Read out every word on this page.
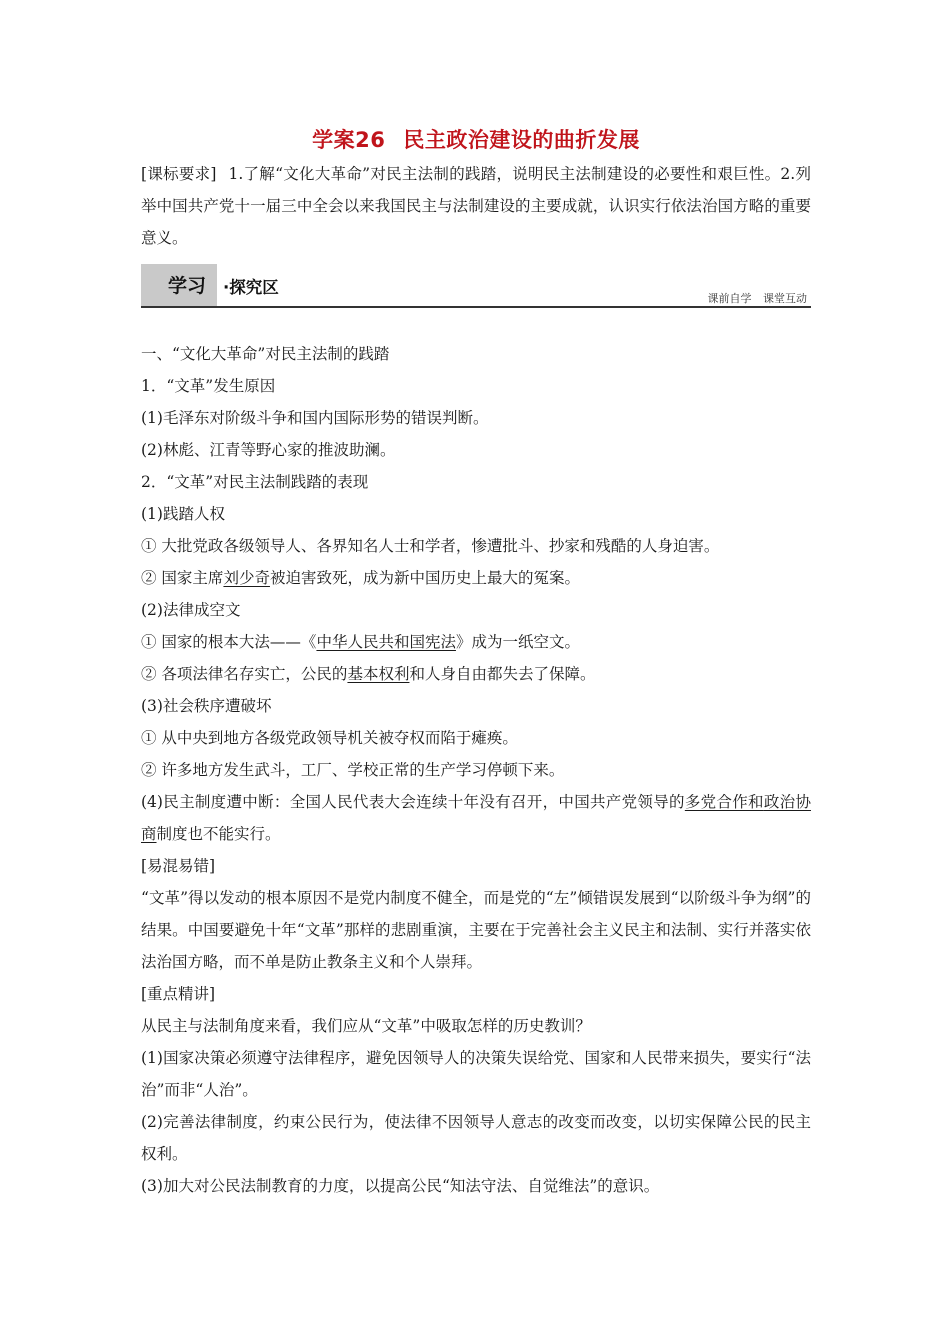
学案26 民主政治建设的曲折发展
[课标要求] 1.了解“文化大革命”对民主法制的践踏，说明民主法制建设的必要性和艰巨性。2.列举中国共产党十一届三中全会以来我国民主与法制建设的主要成就，认识实行依法治国方略的重要意义。
学习 ·探究区
课前自学 课堂互动

一、“文化大革命”对民主法制的践踏

1．“文革”发生原因

(1)毛泽东对阶级斗争和国内国际形势的错误判断。

(2)林彪、江青等野心家的推波助澜。

2．“文革”对民主法制践踏的表现

(1)践踏人权

① 大批党政各级领导人、各界知名人士和学者，惨遭批斗、抄家和残酷的人身迫害。

② 国家主席刘少奇被迫害致死，成为新中国历史上最大的冤案。

(2)法律成空文

① 国家的根本大法——《中华人民共和国宪法》成为一纸空文。

② 各项法律名存实亡，公民的基本权利和人身自由都失去了保障。

(3)社会秩序遭破坏

① 从中央到地方各级党政领导机关被夺权而陷于瘫痪。

② 许多地方发生武斗，工厂、学校正常的生产学习停顿下来。

(4)民主制度遭中断：全国人民代表大会连续十年没有召开，中国共产党领导的多党合作和政治协商制度也不能实行。

[易混易错]

“文革”得以发动的根本原因不是党内制度不健全，而是党的“左”倾错误发展到“以阶级斗争为纲”的结果。中国要避免十年“文革”那样的悲剧重演，主要在于完善社会主义民主和法制、实行并落实依法治国方略，而不单是防止教条主义和个人崇拜。

[重点精讲]

从民主与法制角度来看，我们应从“文革”中吸取怎样的历史教训？

(1)国家决策必须遵守法律程序，避免因领导人的决策失误给党、国家和人民带来损失，要实行“法治”而非“人治”。

(2)完善法律制度，约束公民行为，使法律不因领导人意志的改变而改变，以切实保障公民的民主权利。

(3)加大对公民法制教育的力度，以提高公民“知法守法、自觉维法”的意识。
